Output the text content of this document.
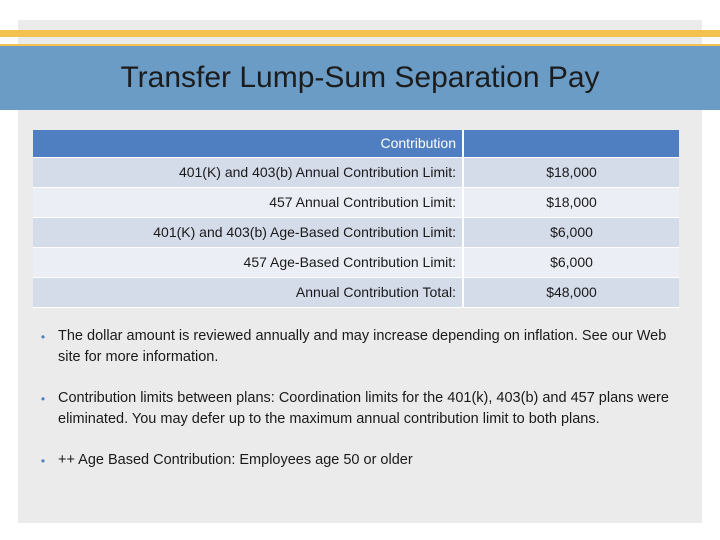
Transfer Lump-Sum Separation Pay
Contribution
401(K) and 403(b) Annual Contribution Limit:	$18,000
457 Annual Contribution Limit:	$18,000
401(K) and 403(b) Age-Based Contribution Limit:	$6,000
457 Age-Based Contribution Limit:	$6,000
Annual Contribution Total:	$48,000
• The dollar amount is reviewed annually and may increase depending on inflation. See our Web site for more information.
• Contribution limits between plans: Coordination limits for the 401(k), 403(b) and 457 plans were eliminated. You may defer up to the maximum annual contribution limit to both plans.
• ++ Age Based Contribution: Employees age 50 or older
